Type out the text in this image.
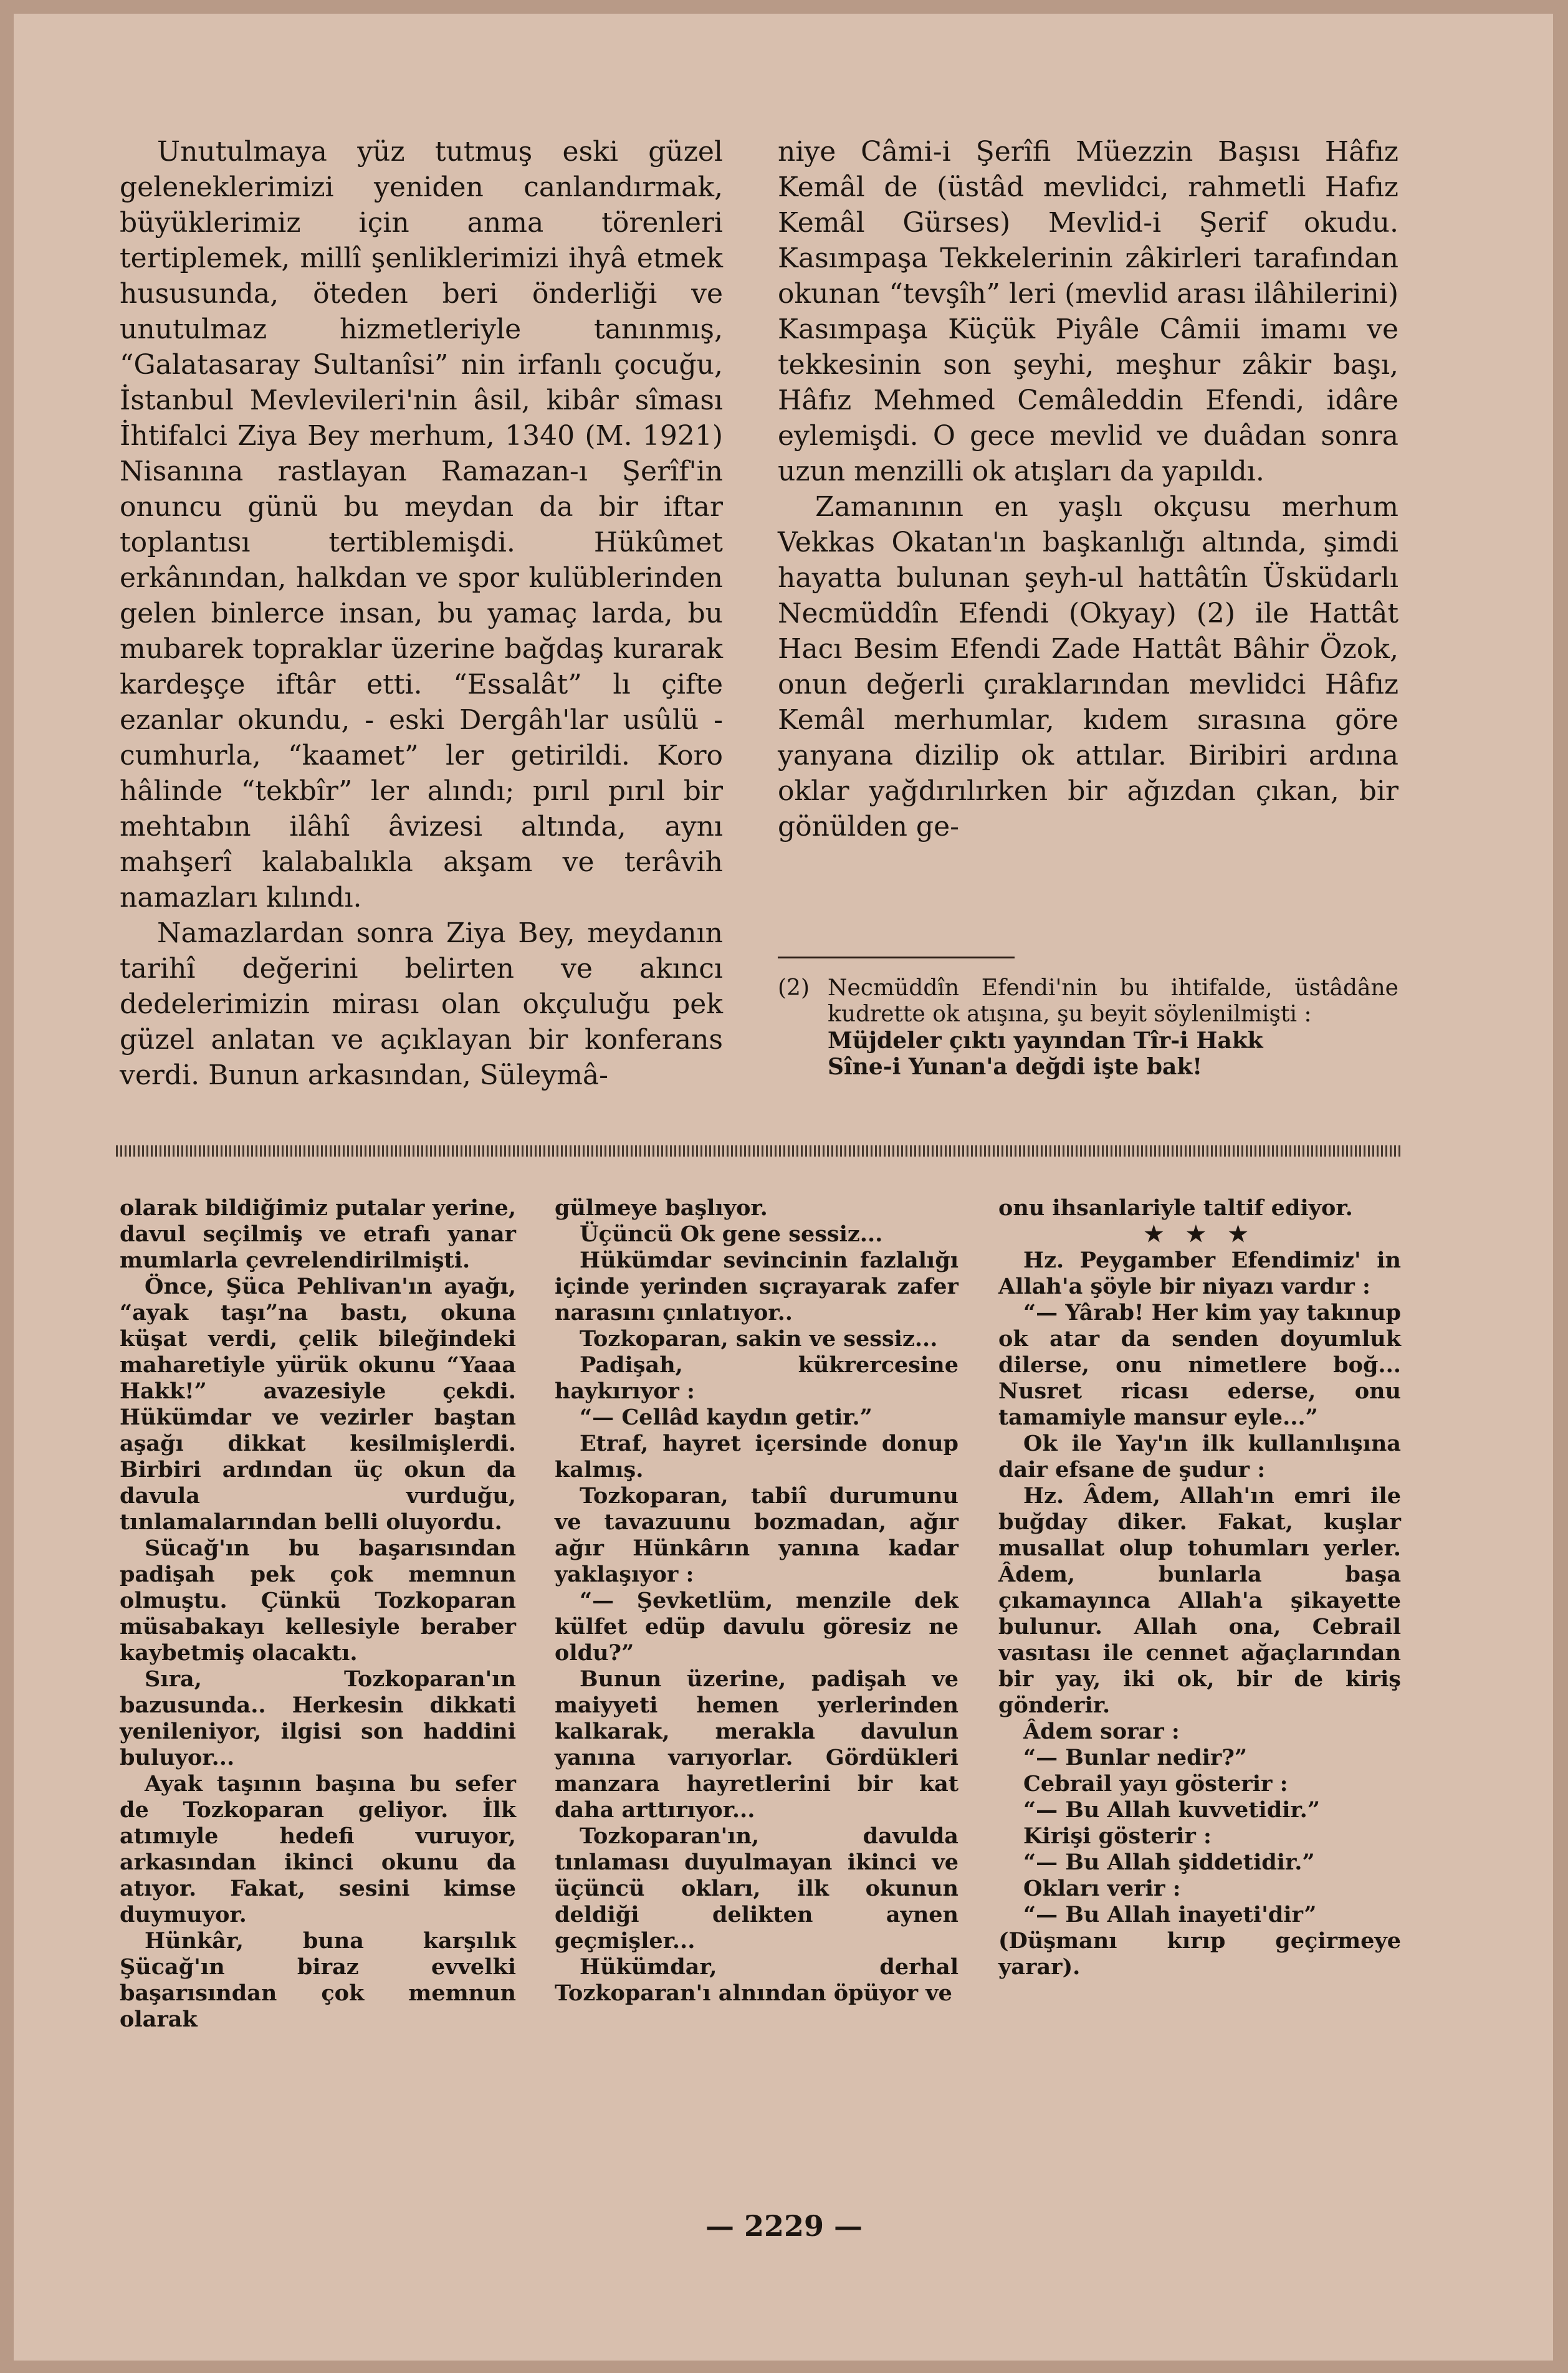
Unutulmaya yüz tutmuş eski güzel geleneklerimizi yeniden canlandırmak, büyüklerimiz için anma törenleri tertiplemek, millî şenliklerimizi ihyâ etmek hususunda, öteden beri önderliği ve unutulmaz hizmetleriyle tanınmış, “Galatasaray Sultanîsi” nin irfanlı çocuğu, İstanbul Mevlevileri'nin âsil, kibâr sîması İhtifalci Ziya Bey merhum, 1340 (M. 1921) Nisanına rastlayan Ramazan-ı Şerîf'in onuncu günü bu meydan da bir iftar toplantısı tertiblemişdi. Hükûmet erkânından, halkdan ve spor kulüblerinden gelen binlerce insan, bu yamaç larda, bu mubarek topraklar üzerine bağdaş kurarak kardeşçe iftâr etti. “Essalât” lı çifte ezanlar okundu, - eski Dergâh'lar usûlü - cumhurla, “kaamet” ler getirildi. Koro hâlinde “tekbîr” ler alındı; pırıl pırıl bir mehtabın ilâhî âvizesi altında, aynı mahşerî kalabalıkla akşam ve terâvih namazları kılındı.

Namazlardan sonra Ziya Bey, meydanın tarihî değerini belirten ve akıncı dedelerimizin mirası olan okçuluğu pek güzel anlatan ve açıklayan bir konferans verdi. Bunun arkasından, Süleymâ-

niye Câmi-i Şerîfi Müezzin Başısı Hâfız Kemâl de (üstâd mevlidci, rahmetli Hafız Kemâl Gürses) Mevlid-i Şerif okudu. Kasımpaşa Tekkelerinin zâkirleri tarafından okunan “tevşîh” leri (mevlid arası ilâhilerini) Kasımpaşa Küçük Piyâle Câmii imamı ve tekkesinin son şeyhi, meşhur zâkir başı, Hâfız Mehmed Cemâleddin Efendi, idâre eylemişdi. O gece mevlid ve duâdan sonra uzun menzilli ok atışları da yapıldı.

Zamanının en yaşlı okçusu merhum Vekkas Okatan'ın başkanlığı altında, şimdi hayatta bulunan şeyh-ul hattâtîn Üsküdarlı Necmüddîn Efendi (Okyay) (2) ile Hattât Hacı Besim Efendi Zade Hattât Bâhir Özok, onun değerli çıraklarından mevlidci Hâfız Kemâl merhumlar, kıdem sırasına göre yanyana dizilip ok attılar. Biribiri ardına oklar yağdırılırken bir ağızdan çıkan, bir gönülden ge-

(2) Necmüddîn Efendi'nin bu ihtifalde, üstâdâne kudrette ok atışına, şu beyit söylenilmişti :

Müjdeler çıktı yayından Tîr-i Hakk

Sîne-i Yunan'a değdi işte bak!

olarak bildiğimiz putalar yerine, davul seçilmiş ve etrafı yanar mumlarla çevrelendirilmişti.

Önce, Şüca Pehlivan'ın ayağı, “ayak taşı”na bastı, okuna küşat verdi, çelik bileğindeki maharetiyle yürük okunu “Yaaa Hakk!” avazesiyle çekdi. Hükümdar ve vezirler baştan aşağı dikkat kesilmişlerdi. Birbiri ardından üç okun da davula vurduğu, tınlamalarından belli oluyordu.

Sücağ'ın bu başarısından padişah pek çok memnun olmuştu. Çünkü Tozkoparan müsabakayı kellesiyle beraber kaybetmiş olacaktı.

Sıra, Tozkoparan'ın bazusunda.. Herkesin dikkati yenileniyor, ilgisi son haddini buluyor...

Ayak taşının başına bu sefer de Tozkoparan geliyor. İlk atımıyle hedefi vuruyor, arkasından ikinci okunu da atıyor. Fakat, sesini kimse duymuyor.

Hünkâr, buna karşılık Şücağ'ın biraz evvelki başarısından çok memnun olarak

gülmeye başlıyor.

Üçüncü Ok gene sessiz...

Hükümdar sevincinin fazlalığı içinde yerinden sıçrayarak zafer narasını çınlatıyor..

Tozkoparan, sakin ve sessiz...

Padişah, kükrercesine haykırıyor :

“— Cellâd kaydın getir.”

Etraf, hayret içersinde donup kalmış.

Tozkoparan, tabiî durumunu ve tavazuunu bozmadan, ağır ağır Hünkârın yanına kadar yaklaşıyor :

“— Şevketlüm, menzile dek külfet edüp davulu göresiz ne oldu?”

Bunun üzerine, padişah ve maiyyeti hemen yerlerinden kalkarak, merakla davulun yanına varıyorlar. Gördükleri manzara hayretlerini bir kat daha arttırıyor...

Tozkoparan'ın, davulda tınlaması duyulmayan ikinci ve üçüncü okları, ilk okunun deldiği delikten aynen geçmişler...

Hükümdar, derhal Tozkoparan'ı alnından öpüyor ve

onu ihsanlariyle taltif ediyor.

★ ★ ★

Hz. Peygamber Efendimiz' in Allah'a şöyle bir niyazı vardır :

“— Yârab! Her kim yay takınup ok atar da senden doyumluk dilerse, onu nimetlere boğ... Nusret ricası ederse, onu tamamiyle mansur eyle...”

Ok ile Yay'ın ilk kullanılışına dair efsane de şudur :

Hz. Âdem, Allah'ın emri ile buğday diker. Fakat, kuşlar musallat olup tohumları yerler. Âdem, bunlarla başa çıkamayınca Allah'a şikayette bulunur. Allah ona, Cebrail vasıtası ile cennet ağaçlarından bir yay, iki ok, bir de kiriş gönderir.

Âdem sorar :

“— Bunlar nedir?”

Cebrail yayı gösterir :

“— Bu Allah kuvvetidir.”

Kirişi gösterir :

“— Bu Allah şiddetidir.”

Okları verir :

“— Bu Allah inayeti'dir”

(Düşmanı kırıp geçirmeye yarar).

— 2229 —
